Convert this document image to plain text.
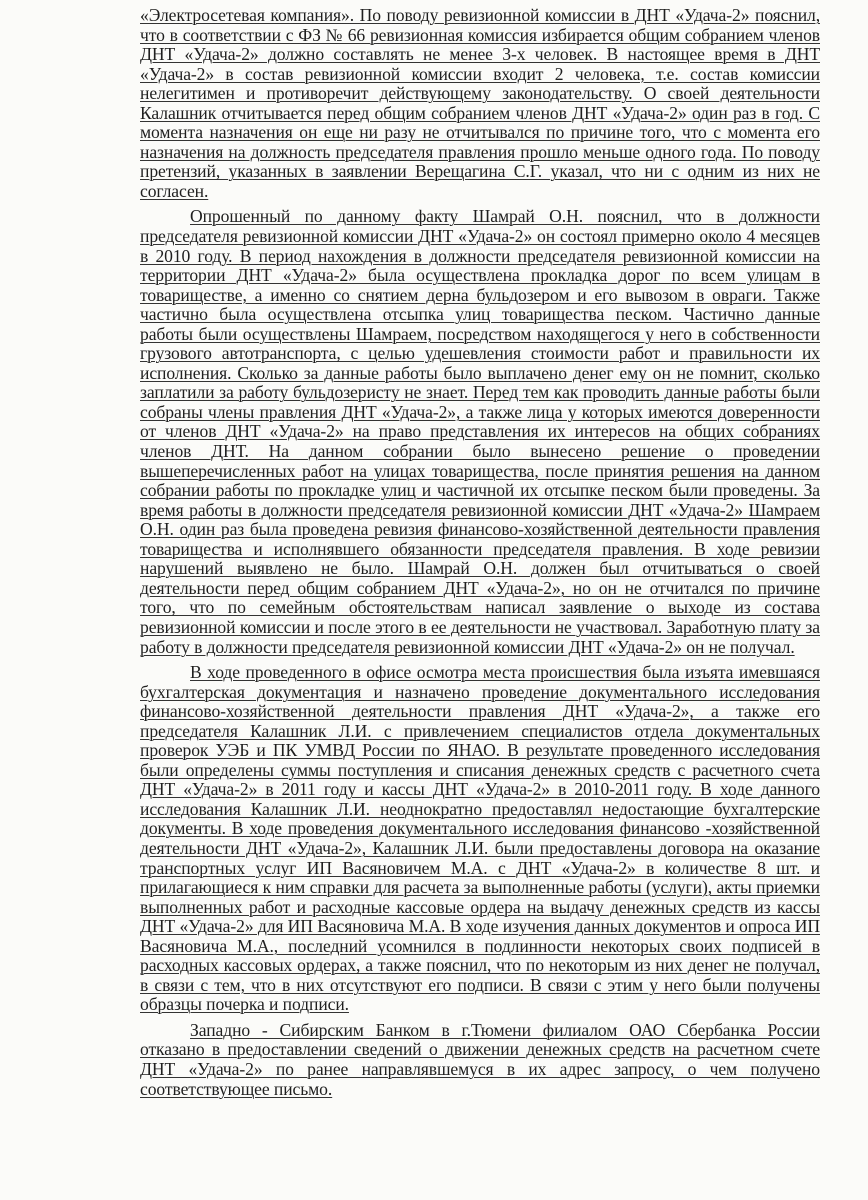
«Электросетевая компания». По поводу ревизионной комиссии в ДНТ «Удача-2» пояснил, что в соответствии с ФЗ № 66 ревизионная комиссия избирается общим собранием членов ДНТ «Удача-2» должно составлять не менее 3-х человек. В настоящее время в ДНТ «Удача-2» в состав ревизионной комиссии входит 2 человека, т.е. состав комиссии нелегитимен и противоречит действующему законодательству. О своей деятельности Калашник отчитывается перед общим собранием членов ДНТ «Удача-2» один раз в год. С момента назначения он еще ни разу не отчитывался по причине того, что с момента его назначения на должность председателя правления прошло меньше одного года. По поводу претензий, указанных в заявлении Верещагина С.Г. указал, что ни с одним из них не согласен.

Опрошенный по данному факту Шамрай О.Н. пояснил, что в должности председателя ревизионной комиссии ДНТ «Удача-2» он состоял примерно около 4 месяцев в 2010 году. В период нахождения в должности председателя ревизионной комиссии на территории ДНТ «Удача-2» была осуществлена прокладка дорог по всем улицам в товариществе, а именно со снятием дерна бульдозером и его вывозом в овраги. Также частично была осуществлена отсыпка улиц товарищества песком. Частично данные работы были осуществлены Шамраем, посредством находящегося у него в собственности грузового автотранспорта, с целью удешевления стоимости работ и правильности их исполнения. Сколько за данные работы было выплачено денег ему он не помнит, сколько заплатили за работу бульдозеристу не знает. Перед тем как проводить данные работы были собраны члены правления ДНТ «Удача-2», а также лица у которых имеются доверенности от членов ДНТ «Удача-2» на право представления их интересов на общих собраниях членов ДНТ. На данном собрании было вынесено решение о проведении вышеперечисленных работ на улицах товарищества, после принятия решения на данном собрании работы по прокладке улиц и частичной их отсыпке песком были проведены. За время работы в должности председателя ревизионной комиссии ДНТ «Удача-2» Шамраем О.Н. один раз была проведена ревизия финансово-хозяйственной деятельности правления товарищества и исполнявшего обязанности председателя правления. В ходе ревизии нарушений выявлено не было. Шамрай О.Н. должен был отчитываться о своей деятельности перед общим собранием ДНТ «Удача-2», но он не отчитался по причине того, что по семейным обстоятельствам написал заявление о выходе из состава ревизионной комиссии и после этого в ее деятельности не участвовал. Заработную плату за работу в должности председателя ревизионной комиссии ДНТ «Удача-2» он не получал.

В ходе проведенного в офисе осмотра места происшествия была изъята имевшаяся бухгалтерская документация и назначено проведение документального исследования финансово-хозяйственной деятельности правления ДНТ «Удача-2», а также его председателя Калашник Л.И. с привлечением специалистов отдела документальных проверок УЭБ и ПК УМВД России по ЯНАО. В результате проведенного исследования были определены суммы поступления и списания денежных средств с расчетного счета ДНТ «Удача-2» в 2011 году и кассы ДНТ «Удача-2» в 2010-2011 году. В ходе данного исследования Калашник Л.И. неоднократно предоставлял недостающие бухгалтерские документы. В ходе проведения документального исследования финансово -хозяйственной деятельности ДНТ «Удача-2», Калашник Л.И. были предоставлены договора на оказание транспортных услуг ИП Васяновичем М.А. с ДНТ «Удача-2» в количестве 8 шт. и прилагающиеся к ним справки для расчета за выполненные работы (услуги), акты приемки выполненных работ и расходные кассовые ордера на выдачу денежных средств из кассы ДНТ «Удача-2» для ИП Васяновича М.А. В ходе изучения данных документов и опроса ИП Васяновича М.А., последний усомнился в подлинности некоторых своих подписей в расходных кассовых ордерах, а также пояснил, что по некоторым из них денег не получал, в связи с тем, что в них отсутствуют его подписи. В связи с этим у него были получены образцы почерка и подписи.

Западно - Сибирским Банком в г.Тюмени филиалом ОАО Сбербанка России отказано в предоставлении сведений о движении денежных средств на расчетном счете ДНТ «Удача-2» по ранее направлявшемуся в их адрес запросу, о чем получено соответствующее письмо.
